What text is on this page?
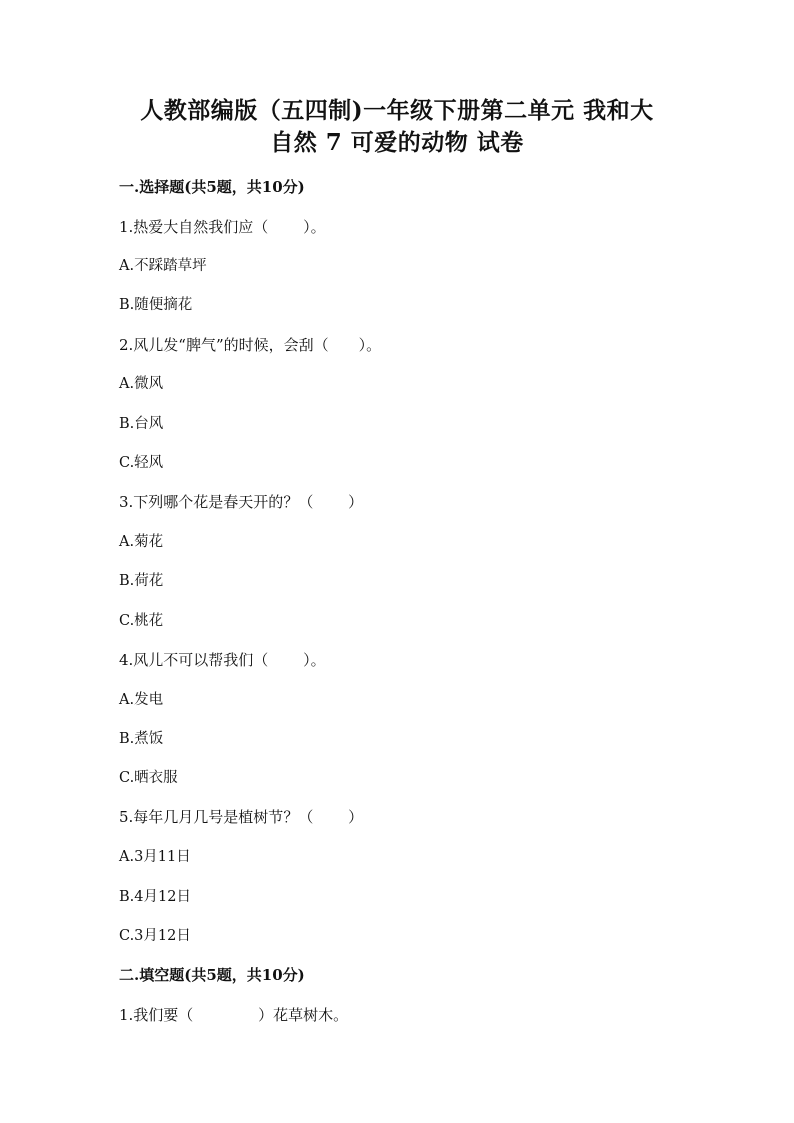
人教部编版（五四制)一年级下册第二单元 我和大
自然 7 可爱的动物 试卷
一.选择题(共5题，共10分)
1.热爱大自然我们应（　　 ）。
A.不踩踏草坪
B.随便摘花
2.风儿发“脾气”的时候，会刮（　　）。
A.微风
B.台风
C.轻风
3.下列哪个花是春天开的？（　　 ）
A.菊花
B.荷花
C.桃花
4.风儿不可以帮我们（　　 ）。
A.发电
B.煮饭
C.晒衣服
5.每年几月几号是植树节？（　　 ）
A.3月11日
B.4月12日
C.3月12日
二.填空题(共5题，共10分)
1.我们要（　　　　 ）花草树木。
